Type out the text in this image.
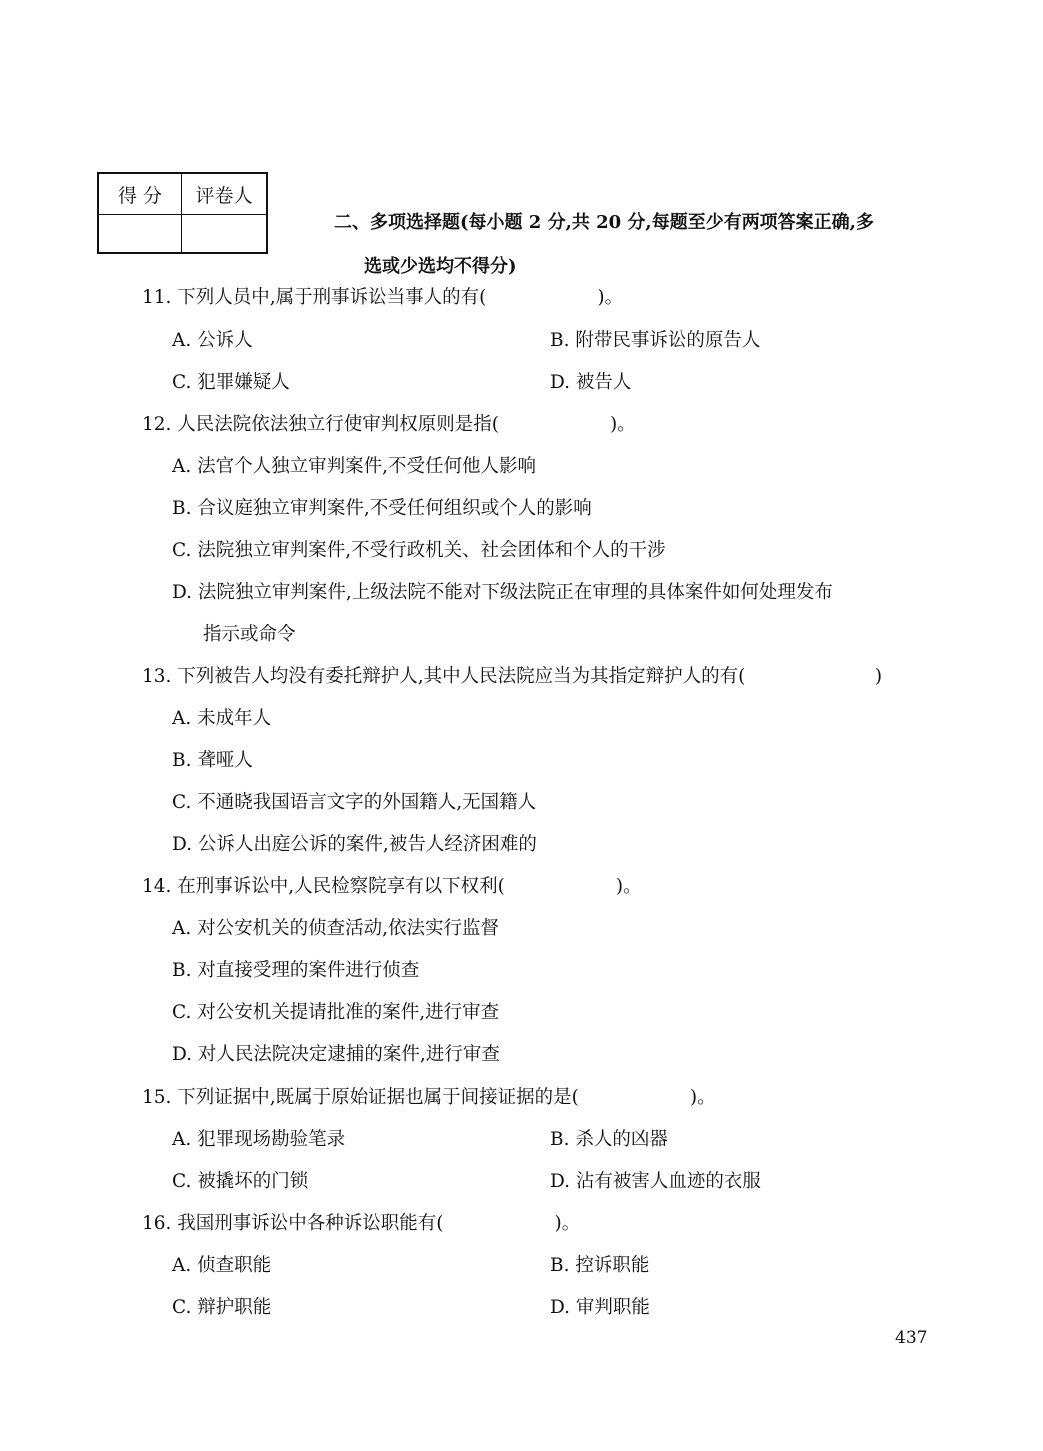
得 分	评卷人

二、多项选择题(每小题 2 分,共 20 分,每题至少有两项答案正确,多
选或少选均不得分)
11. 下列人员中,属于刑事诉讼当事人的有(　　　　　　)。
A. 公诉人	B. 附带民事诉讼的原告人
C. 犯罪嫌疑人	D. 被告人
12. 人民法院依法独立行使审判权原则是指(　　　　　　)。
A. 法官个人独立审判案件,不受任何他人影响
B. 合议庭独立审判案件,不受任何组织或个人的影响
C. 法院独立审判案件,不受行政机关、社会团体和个人的干涉
D. 法院独立审判案件,上级法院不能对下级法院正在审理的具体案件如何处理发布
指示或命令
13. 下列被告人均没有委托辩护人,其中人民法院应当为其指定辩护人的有(　　　　　　　)
A. 未成年人
B. 聋哑人
C. 不通晓我国语言文字的外国籍人,无国籍人
D. 公诉人出庭公诉的案件,被告人经济困难的
14. 在刑事诉讼中,人民检察院享有以下权利(　　　　　　)。
A. 对公安机关的侦查活动,依法实行监督
B. 对直接受理的案件进行侦查
C. 对公安机关提请批准的案件,进行审查
D. 对人民法院决定逮捕的案件,进行审查
15. 下列证据中,既属于原始证据也属于间接证据的是(　　　　　　)。
A. 犯罪现场勘验笔录	B. 杀人的凶器
C. 被撬坏的门锁	D. 沾有被害人血迹的衣服
16. 我国刑事诉讼中各种诉讼职能有(　　　　　　)。
A. 侦查职能	B. 控诉职能
C. 辩护职能	D. 审判职能
437
